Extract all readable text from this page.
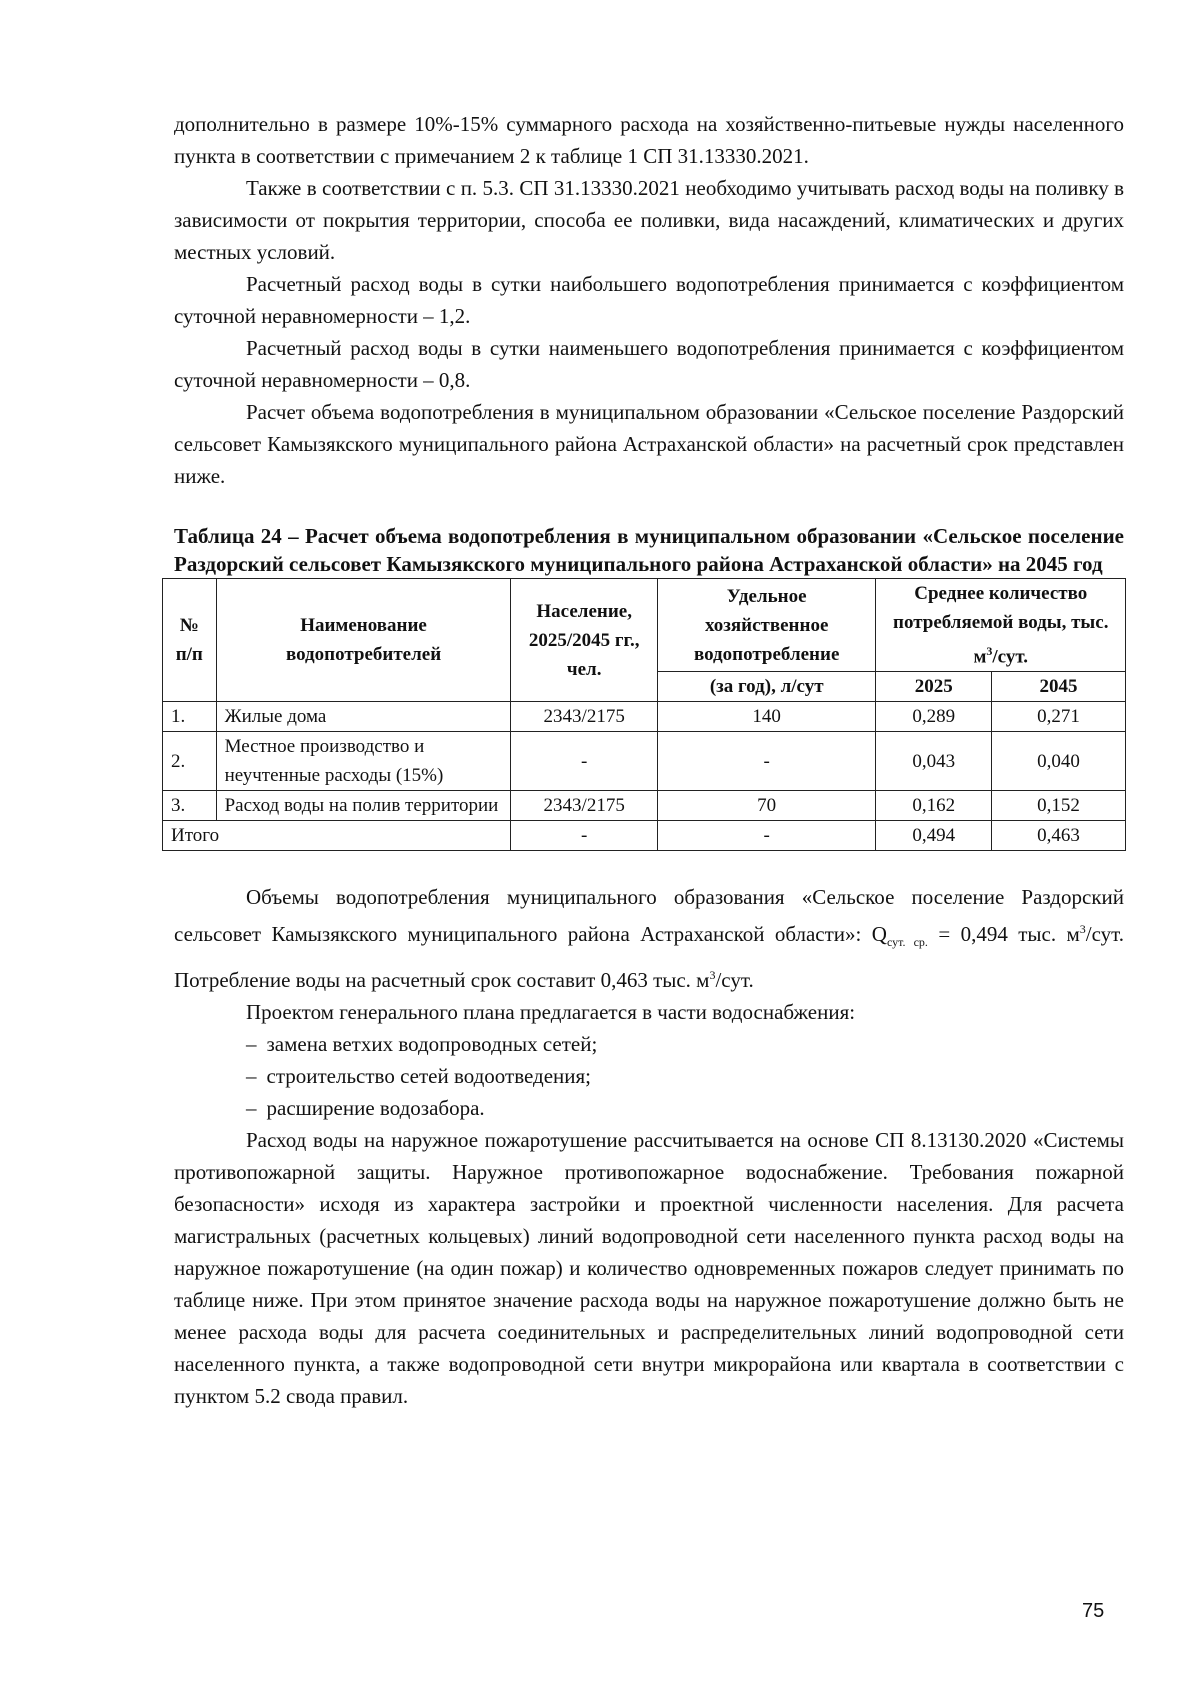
дополнительно в размере 10%-15% суммарного расхода на хозяйственно-питьевые нужды населенного пункта в соответствии с примечанием 2 к таблице 1 СП 31.13330.2021.

Также в соответствии с п. 5.3. СП 31.13330.2021 необходимо учитывать расход воды на поливку в зависимости от покрытия территории, способа ее поливки, вида насаждений, климатических и других местных условий.

Расчетный расход воды в сутки наибольшего водопотребления принимается с коэффициентом суточной неравномерности – 1,2.

Расчетный расход воды в сутки наименьшего водопотребления принимается с коэффициентом суточной неравномерности – 0,8.

Расчет объема водопотребления в муниципальном образовании «Сельское поселение Раздорский сельсовет Камызякского муниципального района Астраханской области» на расчетный срок представлен ниже.

Таблица 24 – Расчет объема водопотребления в муниципальном образовании «Сельское поселение Раздорский сельсовет Камызякского муниципального района Астраханской области» на 2045 год
№ п/п	Наименование водопотребителей	Население, 2025/2045 гг., чел.	Удельное хозяйственное водопотребление	Среднее количество потребляемой воды, тыс. $м^3$/сут.	
			(за год), л/сут	2025	2045
1.	Жилые дома	2343/2175	140	0,289	0,271
2.	Местное производство и неучтенные расходы (15%)	-	-	0,043	0,040
3.	Расход воды на полив территории	2343/2175	70	0,162	0,152
Итого		-	-	0,494	0,463

Объемы водопотребления муниципального образования «Сельское поселение Раздорский сельсовет Камызякского муниципального района Астраханской области»: $Q_{сут. ср.} = 0,494$ тыс. $м^3$/сут. Потребление воды на расчетный срок составит 0,463 тыс. $м^3$/сут.

Проектом генерального плана предлагается в части водоснабжения:

– замена ветхих водопроводных сетей;

– строительство сетей водоотведения;

– расширение водозабора.

Расход воды на наружное пожаротушение рассчитывается на основе СП 8.13130.2020 «Системы противопожарной защиты. Наружное противопожарное водоснабжение. Требования пожарной безопасности» исходя из характера застройки и проектной численности населения. Для расчета магистральных (расчетных кольцевых) линий водопроводной сети населенного пункта расход воды на наружное пожаротушение (на один пожар) и количество одновременных пожаров следует принимать по таблице ниже. При этом принятое значение расхода воды на наружное пожаротушение должно быть не менее расхода воды для расчета соединительных и распределительных линий водопроводной сети населенного пункта, а также водопроводной сети внутри микрорайона или квартала в соответствии с пунктом 5.2 свода правил.

75
